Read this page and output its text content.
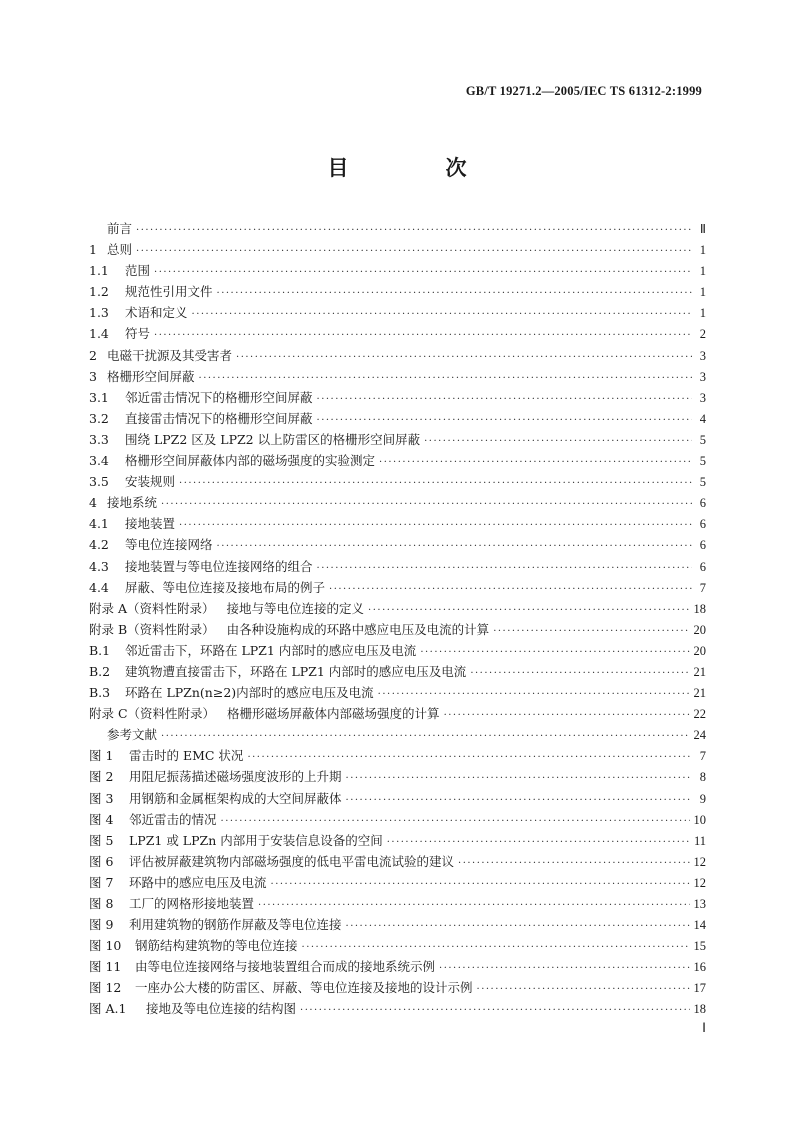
GB/T 19271.2—2005/IEC TS 61312-2:1999
目　次
前言 ·····	Ⅱ
1 总则 ·····	1
1.1	范围 ·····	1
1.2	规范性引用文件 ·····	1
1.3	术语和定义 ·····	1
1.4	符号 ·····	2
2 电磁干扰源及其受害者 ·····	3
3 格栅形空间屏蔽 ·····	3
3.1	邻近雷击情况下的格栅形空间屏蔽 ·····	3
3.2	直接雷击情况下的格栅形空间屏蔽 ·····	4
3.3	围绕 LPZ2 区及 LPZ2 以上防雷区的格栅形空间屏蔽 ·····	5
3.4	格栅形空间屏蔽体内部的磁场强度的实验测定 ·····	5
3.5	安装规则 ·····	5
4 接地系统 ·····	6
4.1	接地装置 ·····	6
4.2	等电位连接网络 ·····	6
4.3	接地装置与等电位连接网络的组合 ·····	6
4.4	屏蔽、等电位连接及接地布局的例子 ·····	7
附录 A（资料性附录） 接地与等电位连接的定义 ·····	18
附录 B（资料性附录） 由各种设施构成的环路中感应电压及电流的计算 ·····	20
B.1	邻近雷击下，环路在 LPZ1 内部时的感应电压及电流 ·····	20
B.2	建筑物遭直接雷击下，环路在 LPZ1 内部时的感应电压及电流 ·····	21
B.3	环路在 LPZn(n≥2)内部时的感应电压及电流 ·····	21
附录 C（资料性附录） 格栅形磁场屏蔽体内部磁场强度的计算 ·····	22
参考文献 ·····	24
图 1	雷击时的 EMC 状况 ·····	7
图 2	用阻尼振荡描述磁场强度波形的上升期 ·····	8
图 3	用钢筋和金属框架构成的大空间屏蔽体 ·····	9
图 4	邻近雷击的情况 ·····	10
图 5	LPZ1 或 LPZn 内部用于安装信息设备的空间 ·····	11
图 6	评估被屏蔽建筑物内部磁场强度的低电平雷电流试验的建议 ·····	12
图 7	环路中的感应电压及电流 ·····	12
图 8	工厂的网格形接地装置 ·····	13
图 9	利用建筑物的钢筋作屏蔽及等电位连接 ·····	14
图 10	钢筋结构建筑物的等电位连接 ·····	15
图 11	由等电位连接网络与接地装置组合而成的接地系统示例 ·····	16
图 12	一座办公大楼的防雷区、屏蔽、等电位连接及接地的设计示例 ·····	17
图 A.1	接地及等电位连接的结构图 ·····	18
Ⅰ
